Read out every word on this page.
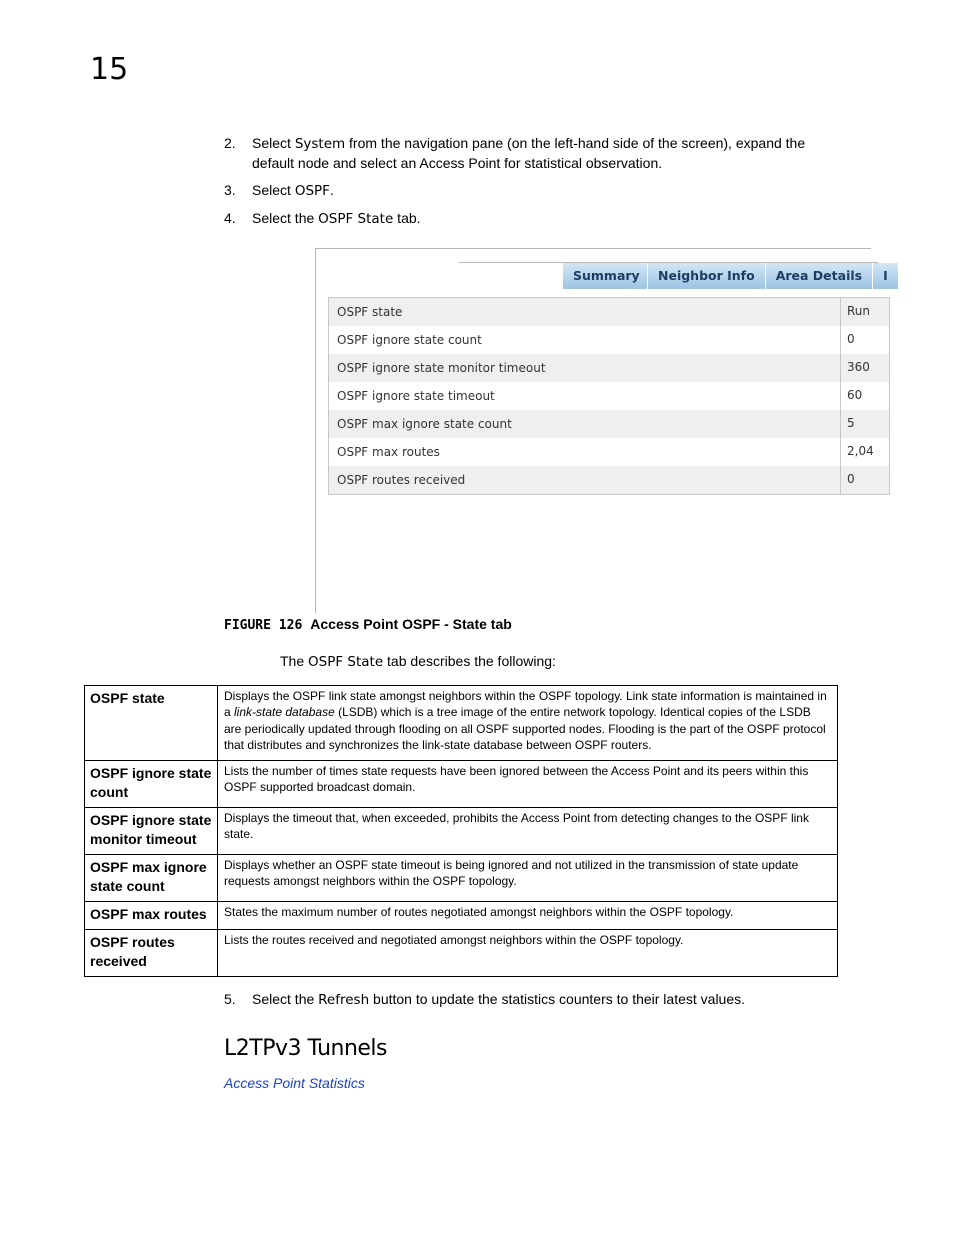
15
2. Select System from the navigation pane (on the left-hand side of the screen), expand the default node and select an Access Point for statistical observation.
3. Select OSPF.
4. Select the OSPF State tab.
Summary	Neighbor Info	Area Details	I
OSPF state	Run
OSPF ignore state count	0
OSPF ignore state monitor timeout	360
OSPF ignore state timeout	60
OSPF max ignore state count	5
OSPF max routes	2,04
OSPF routes received	0
FIGURE 126 Access Point OSPF - State tab
The OSPF State tab describes the following:
OSPF state	Displays the OSPF link state amongst neighbors within the OSPF topology. Link state information is maintained in a link-state database (LSDB) which is a tree image of the entire network topology. Identical copies of the LSDB are periodically updated through flooding on all OSPF supported nodes. Flooding is the part of the OSPF protocol that distributes and synchronizes the link-state database between OSPF routers.
OSPF ignore state count	Lists the number of times state requests have been ignored between the Access Point and its peers within this OSPF supported broadcast domain.
OSPF ignore state monitor timeout	Displays the timeout that, when exceeded, prohibits the Access Point from detecting changes to the OSPF link state.
OSPF max ignore state count	Displays whether an OSPF state timeout is being ignored and not utilized in the transmission of state update requests amongst neighbors within the OSPF topology.
OSPF max routes	States the maximum number of routes negotiated amongst neighbors within the OSPF topology.
OSPF routes received	Lists the routes received and negotiated amongst neighbors within the OSPF topology.
5. Select the Refresh button to update the statistics counters to their latest values.
L2TPv3 Tunnels
Access Point Statistics
